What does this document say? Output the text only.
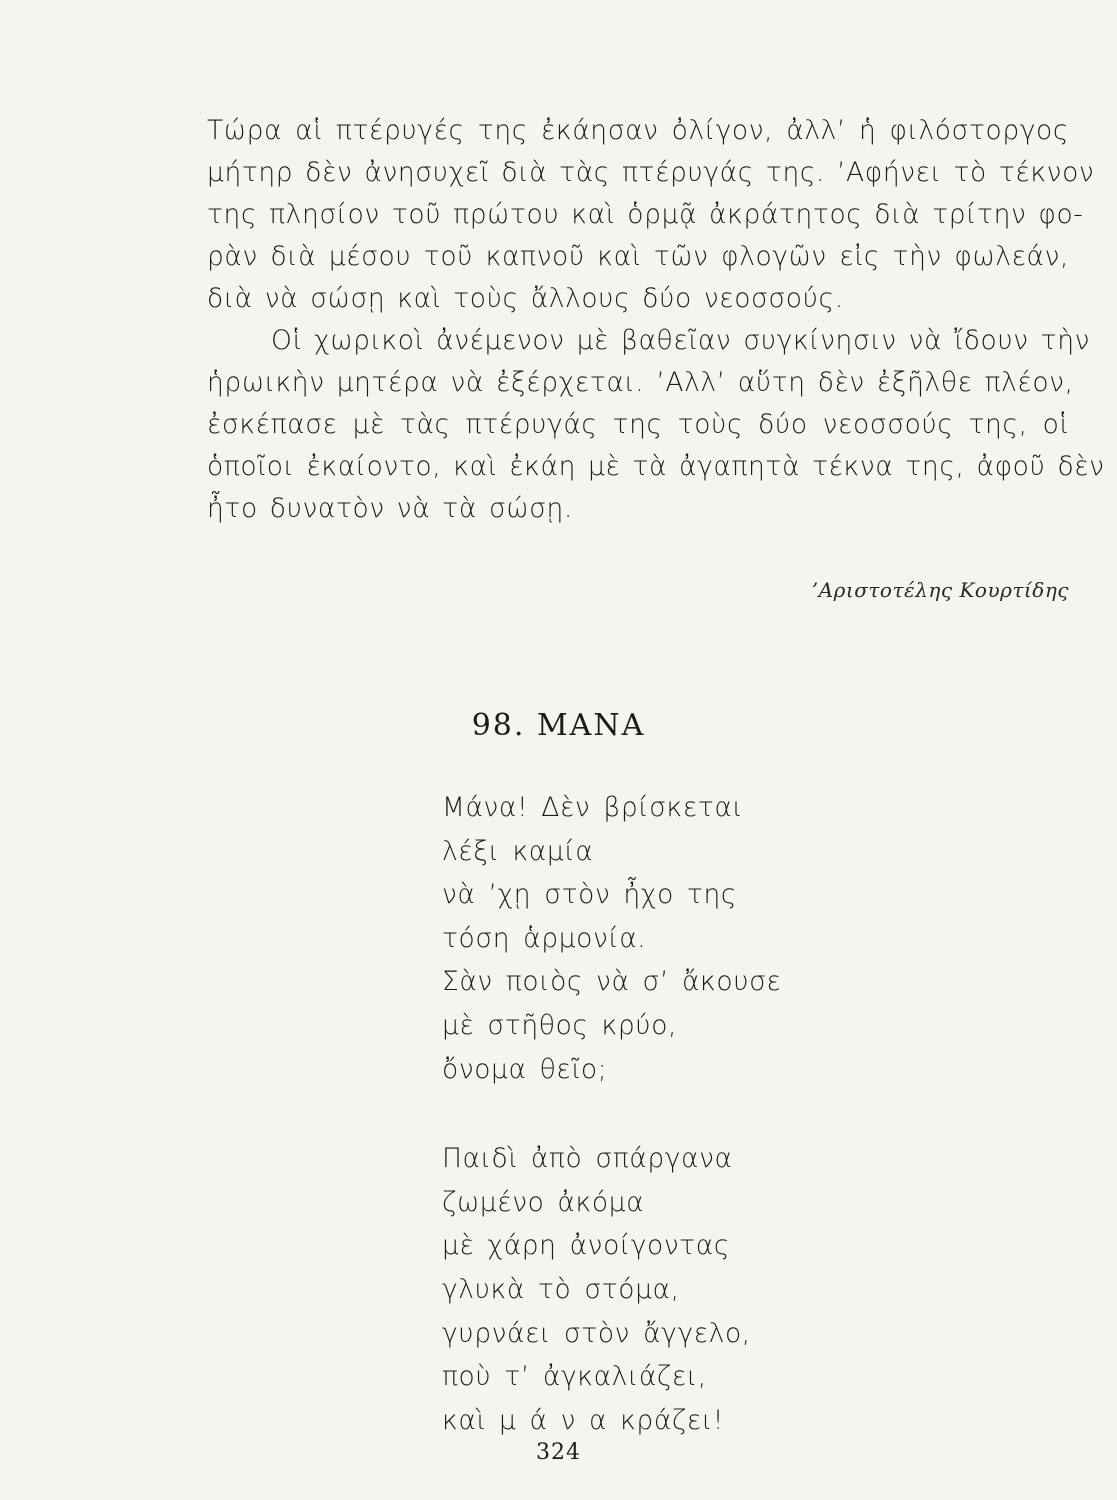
Τώρα αἱ πτέρυγές της ἐκάησαν ὀλίγον, ἀλλ’ ἡ φιλόστοργος
μήτηρ δὲν ἀνησυχεῖ διὰ τὰς πτέρυγάς της. ’Αφήνει τὸ τέκνον
της πλησίον τοῦ πρώτου καὶ ὁρμᾷ ἀκράτητος διὰ τρίτην φο-
ρὰν διὰ μέσου τοῦ καπνοῦ καὶ τῶν φλογῶν εἰς τὴν φωλεάν,
διὰ νὰ σώσῃ καὶ τοὺς ἄλλους δύο νεοσσούς.
Οἱ χωρικοὶ ἀνέμενον μὲ βαθεῖαν συγκίνησιν νὰ ἴδουν τὴν
ἡρωικὴν μητέρα νὰ ἐξέρχεται. ’Αλλ’ αὕτη δὲν ἐξῆλθε πλέον,
ἐσκέπασε μὲ τὰς πτέρυγάς της τοὺς δύο νεοσσούς της, οἱ
ὁποῖοι ἐκαίοντο, καὶ ἐκάη μὲ τὰ ἀγαπητὰ τέκνα της, ἀφοῦ δὲν
ἦτο δυνατὸν νὰ τὰ σώσῃ.
’Αριστοτέλης Κουρτίδης
98. ΜΑΝΑ
Μάνα! Δὲν βρίσκεται
λέξι καμία
νὰ ’χῃ στὸν ἦχο της
τόση ἁρμονία.
Σὰν ποιὸς νὰ σ’ ἄκουσε
μὲ στῆθος κρύο,
ὄνομα θεῖο;
Παιδὶ ἀπὸ σπάργανα
ζωμένο ἀκόμα
μὲ χάρη ἀνοίγοντας
γλυκὰ τὸ στόμα,
γυρνάει στὸν ἄγγελο,
ποὺ τ’ ἀγκαλιάζει,
καὶ μ ά ν α κράζει!
324
